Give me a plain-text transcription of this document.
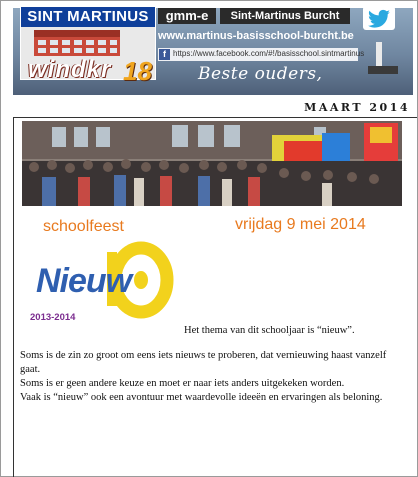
SINT MARTINUS
windkr 18
gmm-e	Sint-Martinus Burcht
www.martinus-basisschool-burcht.be
f https://www.facebook.com/#!/basisschool.sintmartinus
Beste ouders,
MAART 2014
schoolfeest	vrijdag 9 mei 2014
Nieuw
2013-2014
Het thema van dit schooljaar is “nieuw”.

Soms is de zin zo groot om eens iets nieuws te proberen, dat vernieuwing haast vanzelf gaat.

Soms is er geen andere keuze en moet er naar iets anders uitgekeken worden.

Vaak is “nieuw” ook een avontuur met waardevolle ideeën en ervaringen als beloning.
